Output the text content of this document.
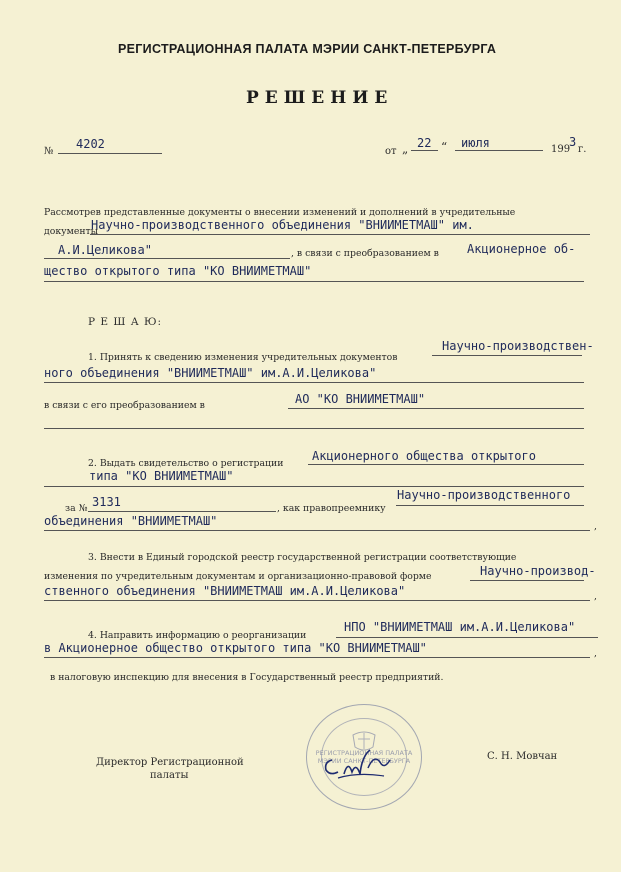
РЕГИСТРАЦИОННАЯ ПАЛАТА МЭРИИ САНКТ-ПЕТЕРБУРГА
РЕШЕНИЕ
№
4202
от „ 22 “ июля	199
3
г.
Рассмотрев представленные документы о внесении изменений и дополнений в учредительные
документы
Научно-производственного объединения "ВНИИМЕТМАШ" им.
А.И.Целикова"	, в связи с преобразованием в Акционерное об-
щество открытого типа "КО ВНИИМЕТМАШ"
Р Е Ш А Ю:
1. Принять к сведению изменения учредительных документов
Научно-производствен-
ного объединения "ВНИИМЕТМАШ" им.А.И.Целикова"
в связи с его преобразованием в	АО "КО ВНИИМЕТМАШ"
2. Выдать свидетельство о регистрации
Акционерного общества открытого
типа "КО ВНИИМЕТМАШ"
за № 3131	, как правопреемнику
Научно-производственного
объединения "ВНИИМЕТМАШ"	,
3. Внести в Единый городской реестр государственной регистрации соответствующие
изменения по учредительным документам и организационно-правовой форме	Научно-производ-
ственного объединения "ВНИИМЕТМАШ им.А.И.Целикова"	,
4. Направить информацию о реорганизации
НПО "ВНИИМЕТМАШ им.А.И.Целикова"
в Акционерное общество открытого типа "КО ВНИИМЕТМАШ"	,
в налоговую инспекцию для внесения в Государственный реестр предприятий.
Директор Регистрационной
палаты
С. Н. Мовчан
РЕГИСТРАЦИОННАЯ ПАЛАТА МЭРИИ САНКТ-ПЕТЕРБУРГА
